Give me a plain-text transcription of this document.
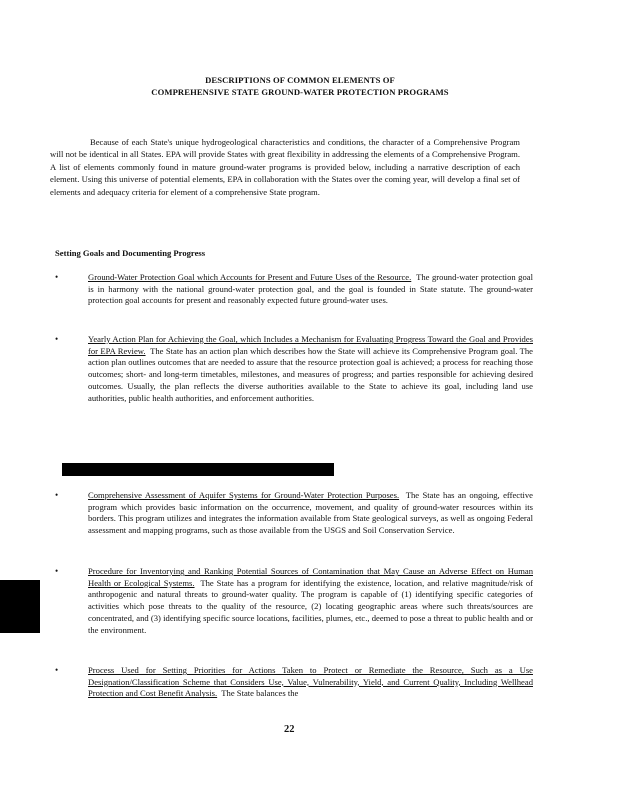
DESCRIPTIONS OF COMMON ELEMENTS OF
COMPREHENSIVE STATE GROUND-WATER PROTECTION PROGRAMS

Because of each State's unique hydrogeological characteristics and conditions, the character of a Comprehensive Program will not be identical in all States. EPA will provide States with great flexibility in addressing the elements of a Comprehensive Program. A list of elements commonly found in mature ground-water programs is provided below, including a narrative description of each element. Using this universe of potential elements, EPA in collaboration with the States over the coming year, will develop a final set of elements and adequacy criteria for element of a comprehensive State program.

Setting Goals and Documenting Progress
•	Ground-Water Protection Goal which Accounts for Present and Future Uses of the Resource. The ground-water protection goal is in harmony with the national ground-water protection goal, and the goal is founded in State statute. The ground-water protection goal accounts for present and reasonably expected future ground-water uses.
•	Yearly Action Plan for Achieving the Goal, which Includes a Mechanism for Evaluating Progress Toward the Goal and Provides for EPA Review. The State has an action plan which describes how the State will achieve its Comprehensive Program goal. The action plan outlines outcomes that are needed to assure that the resource protection goal is achieved; a process for reaching those outcomes; short- and long-term timetables, milestones, and measures of progress; and parties responsible for achieving desired outcomes. Usually, the plan reflects the diverse authorities available to the State to achieve its goal, including land use authorities, public health authorities, and enforcement authorities.
•	Comprehensive Assessment of Aquifer Systems for Ground-Water Protection Purposes. The State has an ongoing, effective program which provides basic information on the occurrence, movement, and quality of ground-water resources within its borders. This program utilizes and integrates the information available from State geological surveys, as well as ongoing Federal assessment and mapping programs, such as those available from the USGS and Soil Conservation Service.
•	Procedure for Inventorying and Ranking Potential Sources of Contamination that May Cause an Adverse Effect on Human Health or Ecological Systems. The State has a program for identifying the existence, location, and relative magnitude/risk of anthropogenic and natural threats to ground-water quality. The program is capable of (1) identifying specific categories of activities which pose threats to the quality of the resource, (2) locating geographic areas where such threats/sources are concentrated, and (3) identifying specific source locations, facilities, plumes, etc., deemed to pose a threat to public health and or the environment.
•	Process Used for Setting Priorities for Actions Taken to Protect or Remediate the Resource, Such as a Use Designation/Classification Scheme that Considers Use, Value, Vulnerability, Yield, and Current Quality, Including Wellhead Protection and Cost Benefit Analysis. The State balances the
22
